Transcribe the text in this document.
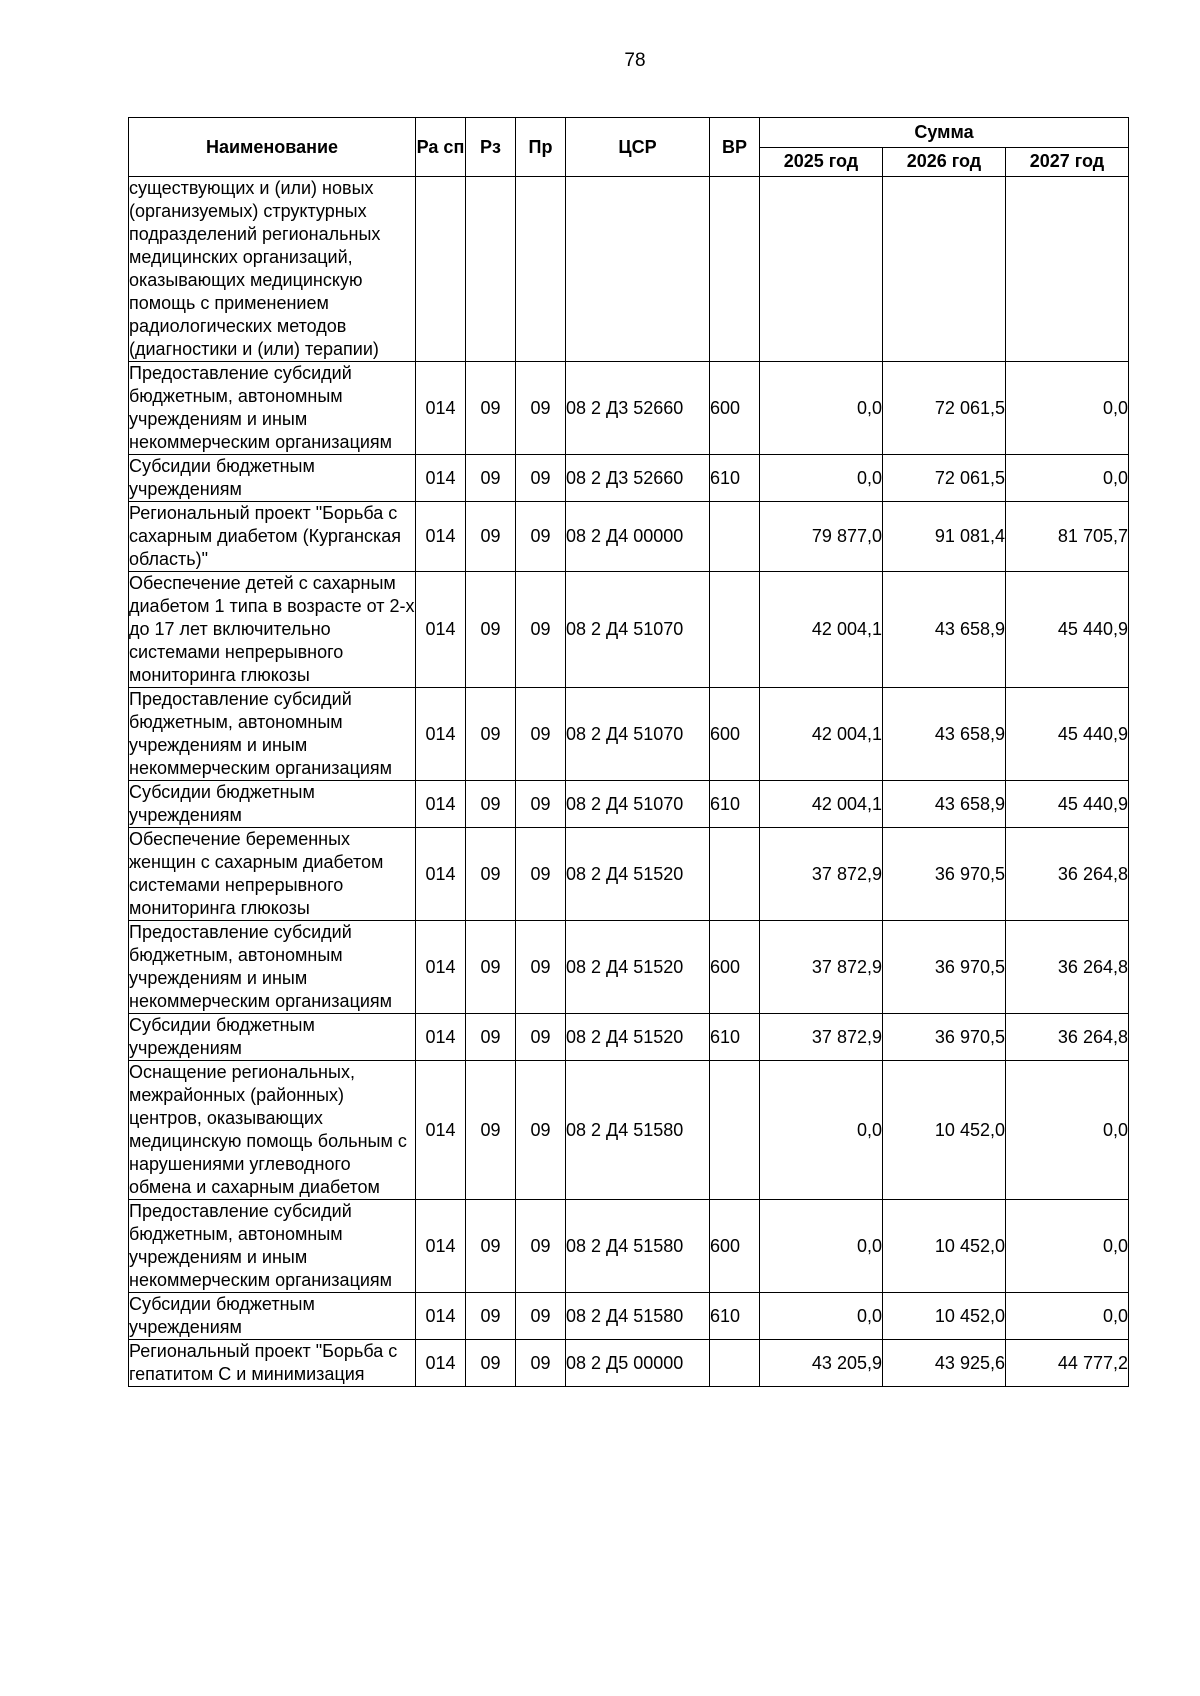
78
Наименование	Ра сп	Рз	Пр	ЦСР	ВР	Сумма		
						2025 год	2026 год	2027 год
существующих и (или) новых (организуемых) структурных подразделений региональных медицинских организаций, оказывающих медицинскую помощь с применением радиологических методов (диагностики и (или) терапии)								
Предоставление субсидий бюджетным, автономным учреждениям и иным некоммерческим организациям	014	09	09	08 2 Д3 52660	600	0,0	72 061,5	0,0
Субсидии бюджетным учреждениям	014	09	09	08 2 Д3 52660	610	0,0	72 061,5	0,0
Региональный проект "Борьба с сахарным диабетом (Курганская область)"	014	09	09	08 2 Д4 00000		79 877,0	91 081,4	81 705,7
Обеспечение детей с сахарным диабетом 1 типа в возрасте от 2-х до 17 лет включительно системами непрерывного мониторинга глюкозы	014	09	09	08 2 Д4 51070		42 004,1	43 658,9	45 440,9
Предоставление субсидий бюджетным, автономным учреждениям и иным некоммерческим организациям	014	09	09	08 2 Д4 51070	600	42 004,1	43 658,9	45 440,9
Субсидии бюджетным учреждениям	014	09	09	08 2 Д4 51070	610	42 004,1	43 658,9	45 440,9
Обеспечение беременных женщин с сахарным диабетом системами непрерывного мониторинга глюкозы	014	09	09	08 2 Д4 51520		37 872,9	36 970,5	36 264,8
Предоставление субсидий бюджетным, автономным учреждениям и иным некоммерческим организациям	014	09	09	08 2 Д4 51520	600	37 872,9	36 970,5	36 264,8
Субсидии бюджетным учреждениям	014	09	09	08 2 Д4 51520	610	37 872,9	36 970,5	36 264,8
Оснащение региональных, межрайонных (районных) центров, оказывающих медицинскую помощь больным с нарушениями углеводного обмена и сахарным диабетом	014	09	09	08 2 Д4 51580		0,0	10 452,0	0,0
Предоставление субсидий бюджетным, автономным учреждениям и иным некоммерческим организациям	014	09	09	08 2 Д4 51580	600	0,0	10 452,0	0,0
Субсидии бюджетным учреждениям	014	09	09	08 2 Д4 51580	610	0,0	10 452,0	0,0
Региональный проект "Борьба с гепатитом С и минимизация	014	09	09	08 2 Д5 00000		43 205,9	43 925,6	44 777,2
